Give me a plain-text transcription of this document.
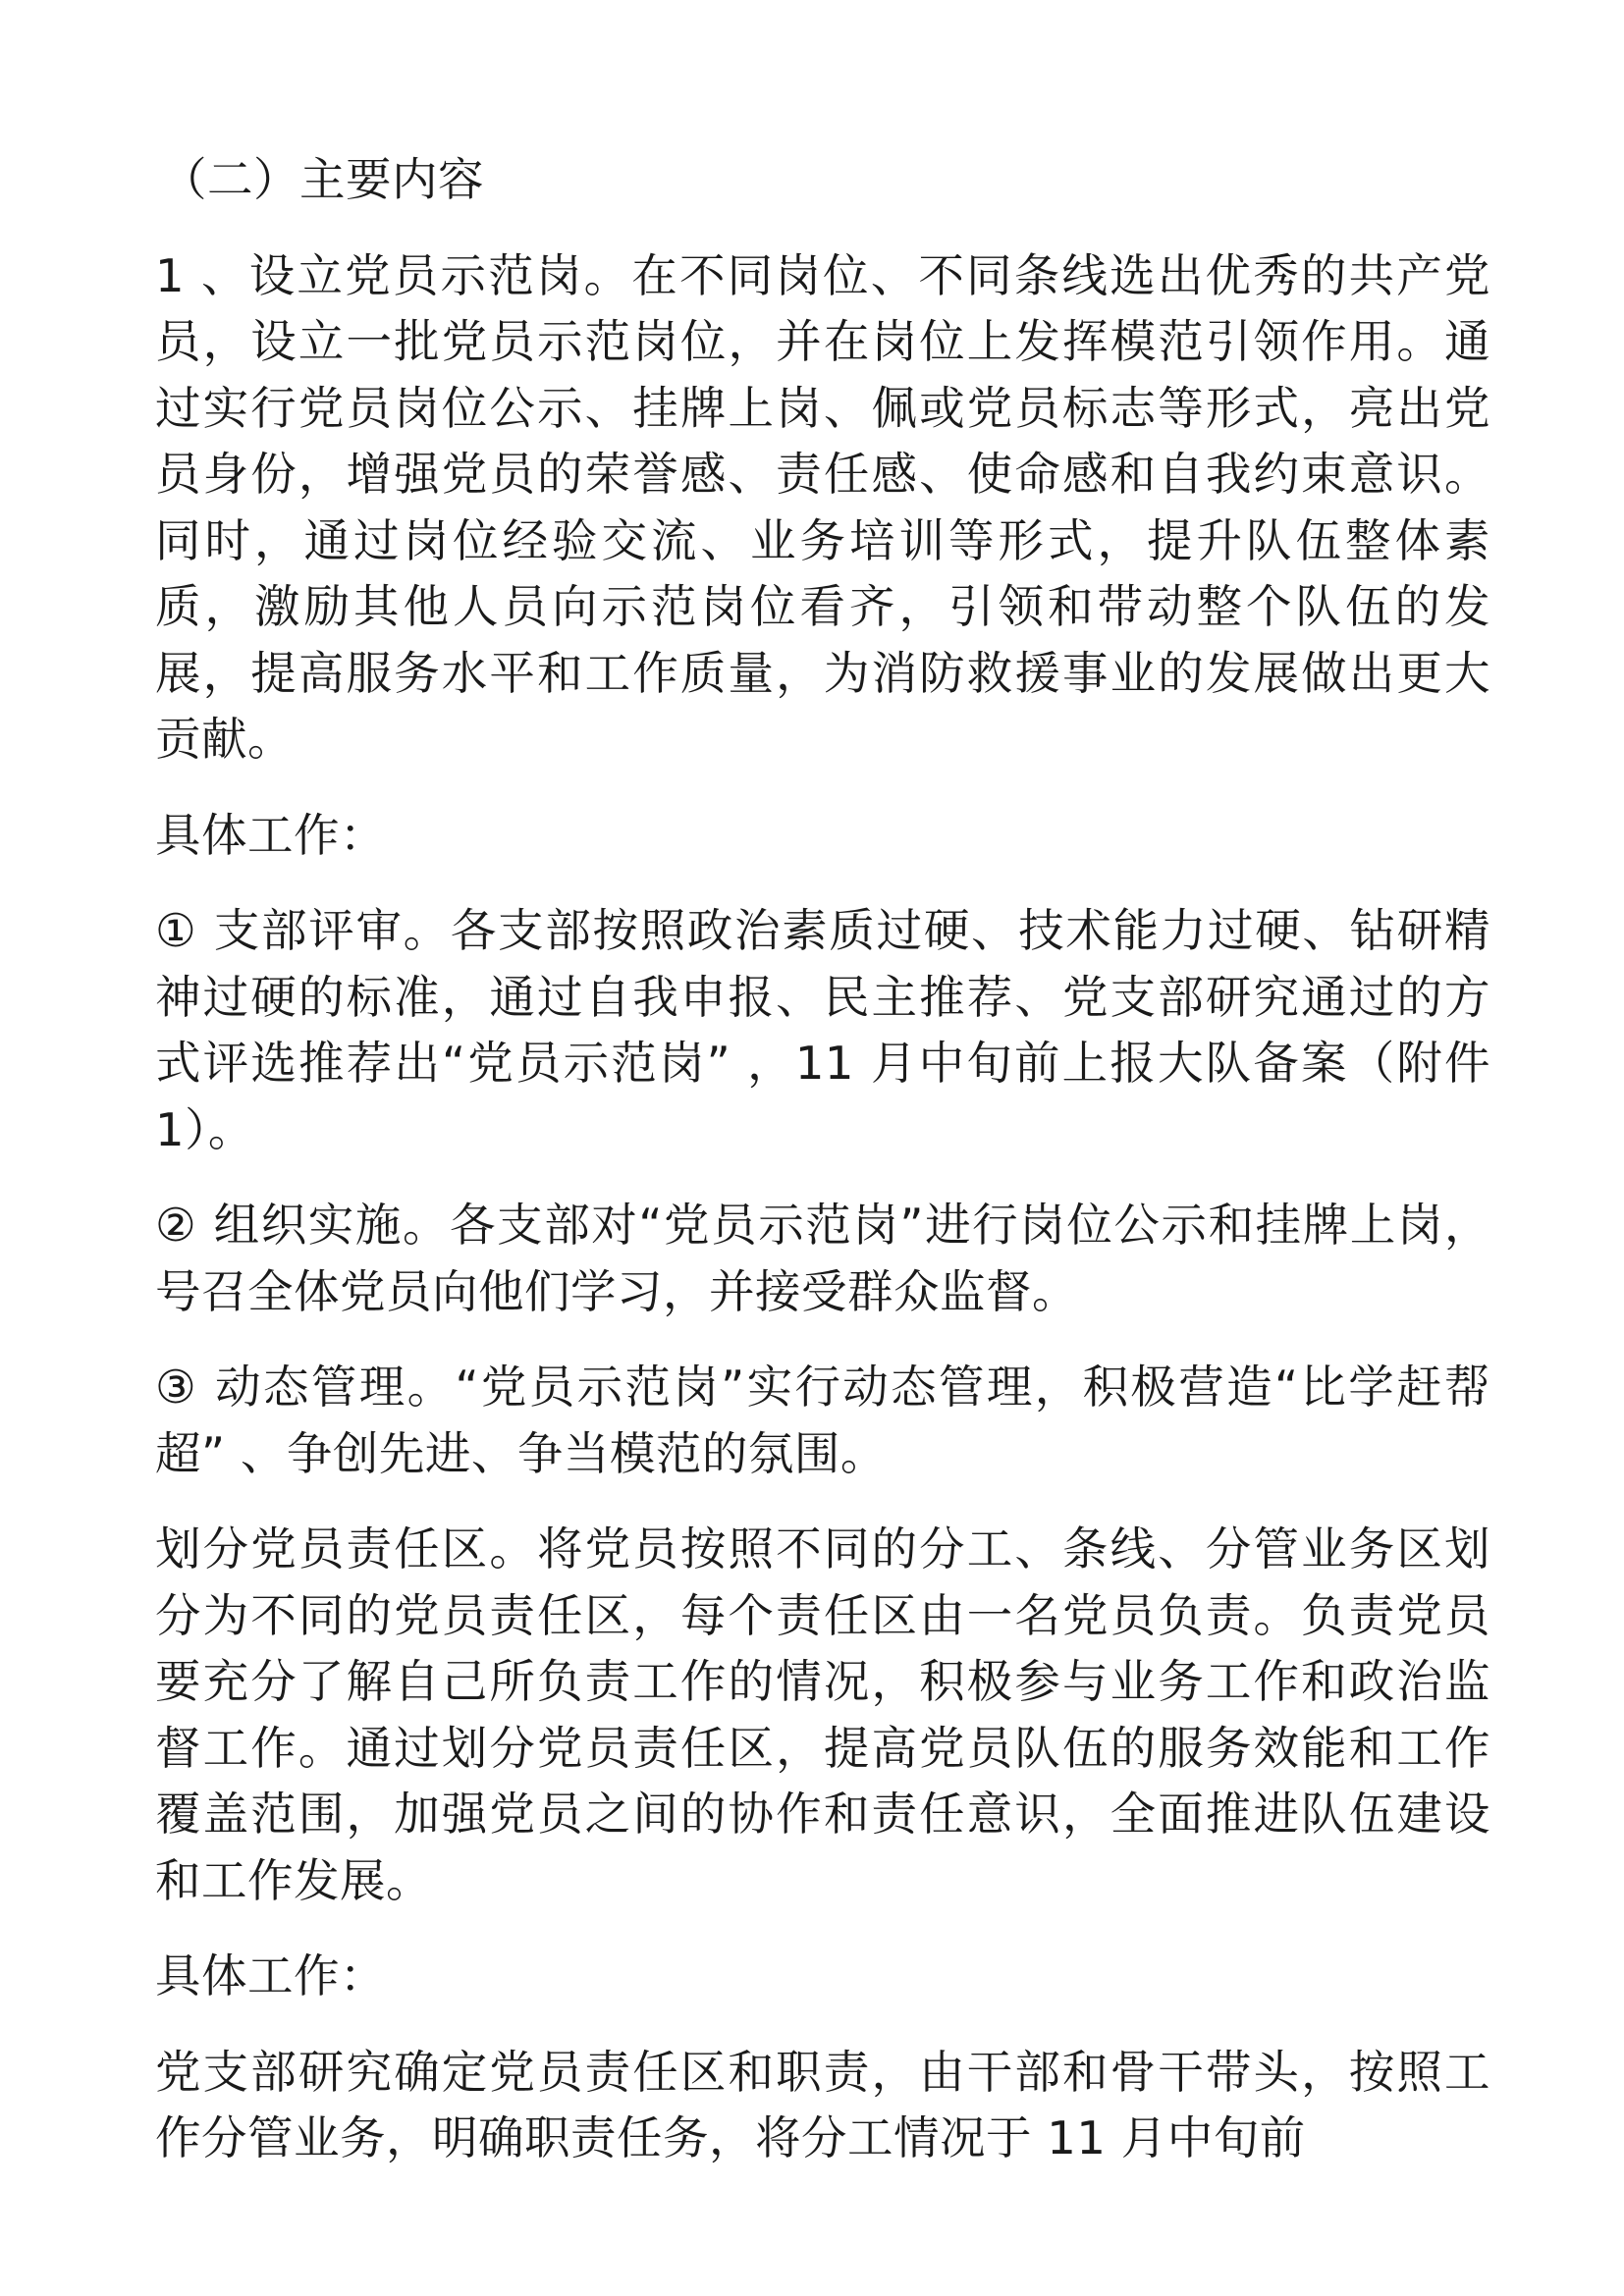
（二）主要内容

1 、设立党员示范岗。在不同岗位、不同条线选出优秀的共产党员，设立一批党员示范岗位，并在岗位上发挥模范引领作用。通过实行党员岗位公示、挂牌上岗、佩或党员标志等形式，亮出党员身份，增强党员的荣誉感、责任感、使命感和自我约束意识。同时，通过岗位经验交流、业务培训等形式，提升队伍整体素质，激励其他人员向示范岗位看齐，引领和带动整个队伍的发展，提高服务水平和工作质量，为消防救援事业的发展做出更大贡献。

具体工作：

① 支部评审。各支部按照政治素质过硬、技术能力过硬、钻研精神过硬的标准，通过自我申报、民主推荐、党支部研究通过的方式评选推荐出“党员示范岗” ，11 月中旬前上报大队备案（附件 1）。

② 组织实施。各支部对“党员示范岗”进行岗位公示和挂牌上岗，号召全体党员向他们学习，并接受群众监督。

③ 动态管理。“党员示范岗”实行动态管理，积极营造“比学赶帮超” 、争创先进、争当模范的氛围。

划分党员责任区。将党员按照不同的分工、条线、分管业务区划分为不同的党员责任区，每个责任区由一名党员负责。负责党员要充分了解自己所负责工作的情况，积极参与业务工作和政治监督工作。通过划分党员责任区，提高党员队伍的服务效能和工作覆盖范围，加强党员之间的协作和责任意识，全面推进队伍建设和工作发展。

具体工作：

党支部研究确定党员责任区和职责，由干部和骨干带头，按照工作分管业务，明确职责任务，将分工情况于 11 月中旬前
